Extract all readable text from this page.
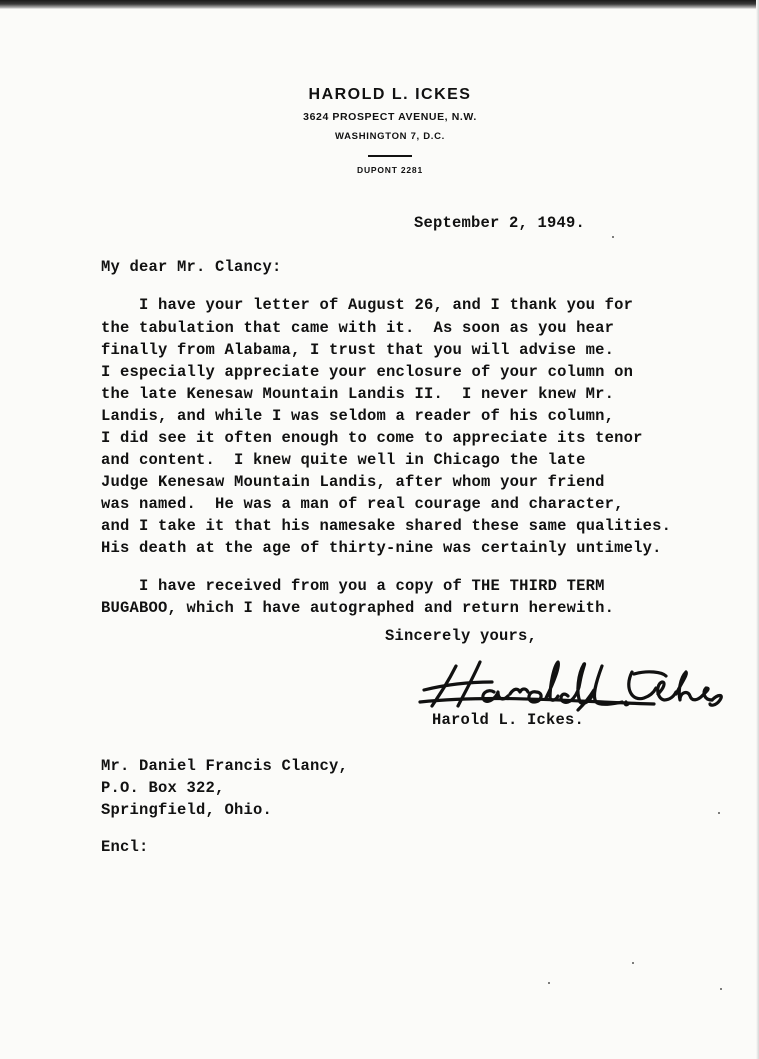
HAROLD L. ICKES
3624 PROSPECT AVENUE, N.W.
WASHINGTON 7, D.C.
DUPONT 2281
September 2, 1949.
My dear Mr. Clancy:
I have your letter of August 26, and I thank you for
the tabulation that came with it.  As soon as you hear
finally from Alabama, I trust that you will advise me.
I especially appreciate your enclosure of your column on
the late Kenesaw Mountain Landis II.  I never knew Mr.
Landis, and while I was seldom a reader of his column,
I did see it often enough to come to appreciate its tenor
and content.  I knew quite well in Chicago the late
Judge Kenesaw Mountain Landis, after whom your friend
was named.  He was a man of real courage and character,
and I take it that his namesake shared these same qualities.
His death at the age of thirty-nine was certainly untimely.
I have received from you a copy of THE THIRD TERM
BUGABOO, which I have autographed and return herewith.
Sincerely yours,
Harold L. Ickes
Harold L. Ickes.
Mr. Daniel Francis Clancy,
P.O. Box 322,
Springfield, Ohio.
Encl:
